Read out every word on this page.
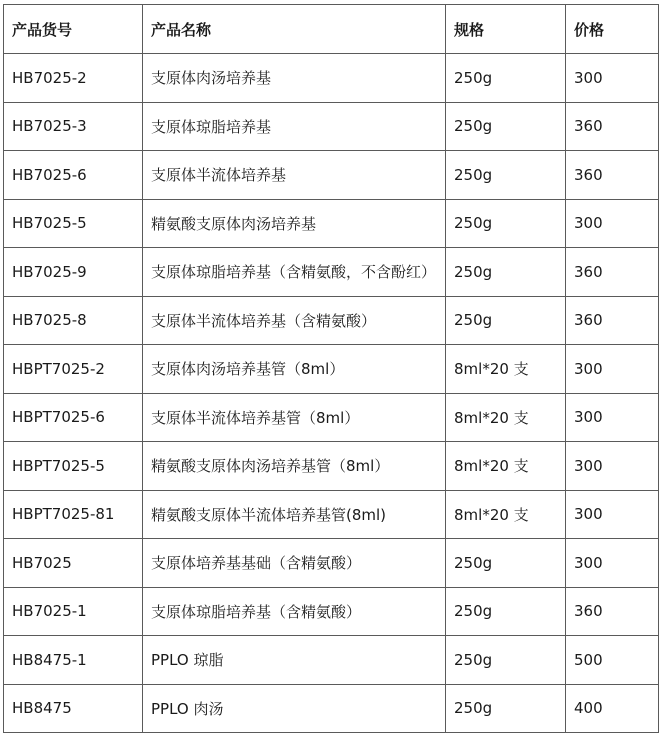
产品货号	产品名称	规格	价格
HB7025-2	支原体肉汤培养基	250g	300
HB7025-3	支原体琼脂培养基	250g	360
HB7025-6	支原体半流体培养基	250g	360
HB7025-5	精氨酸支原体肉汤培养基	250g	300
HB7025-9	支原体琼脂培养基（含精氨酸，不含酚红）	250g	360
HB7025-8	支原体半流体培养基（含精氨酸）	250g	360
HBPT7025-2	支原体肉汤培养基管（8ml）	8ml*20 支	300
HBPT7025-6	支原体半流体培养基管（8ml）	8ml*20 支	300
HBPT7025-5	精氨酸支原体肉汤培养基管（8ml）	8ml*20 支	300
HBPT7025-81	精氨酸支原体半流体培养基管(8ml)	8ml*20 支	300
HB7025	支原体培养基基础（含精氨酸）	250g	300
HB7025-1	支原体琼脂培养基（含精氨酸）	250g	360
HB8475-1	PPLO 琼脂	250g	500
HB8475	PPLO 肉汤	250g	400
